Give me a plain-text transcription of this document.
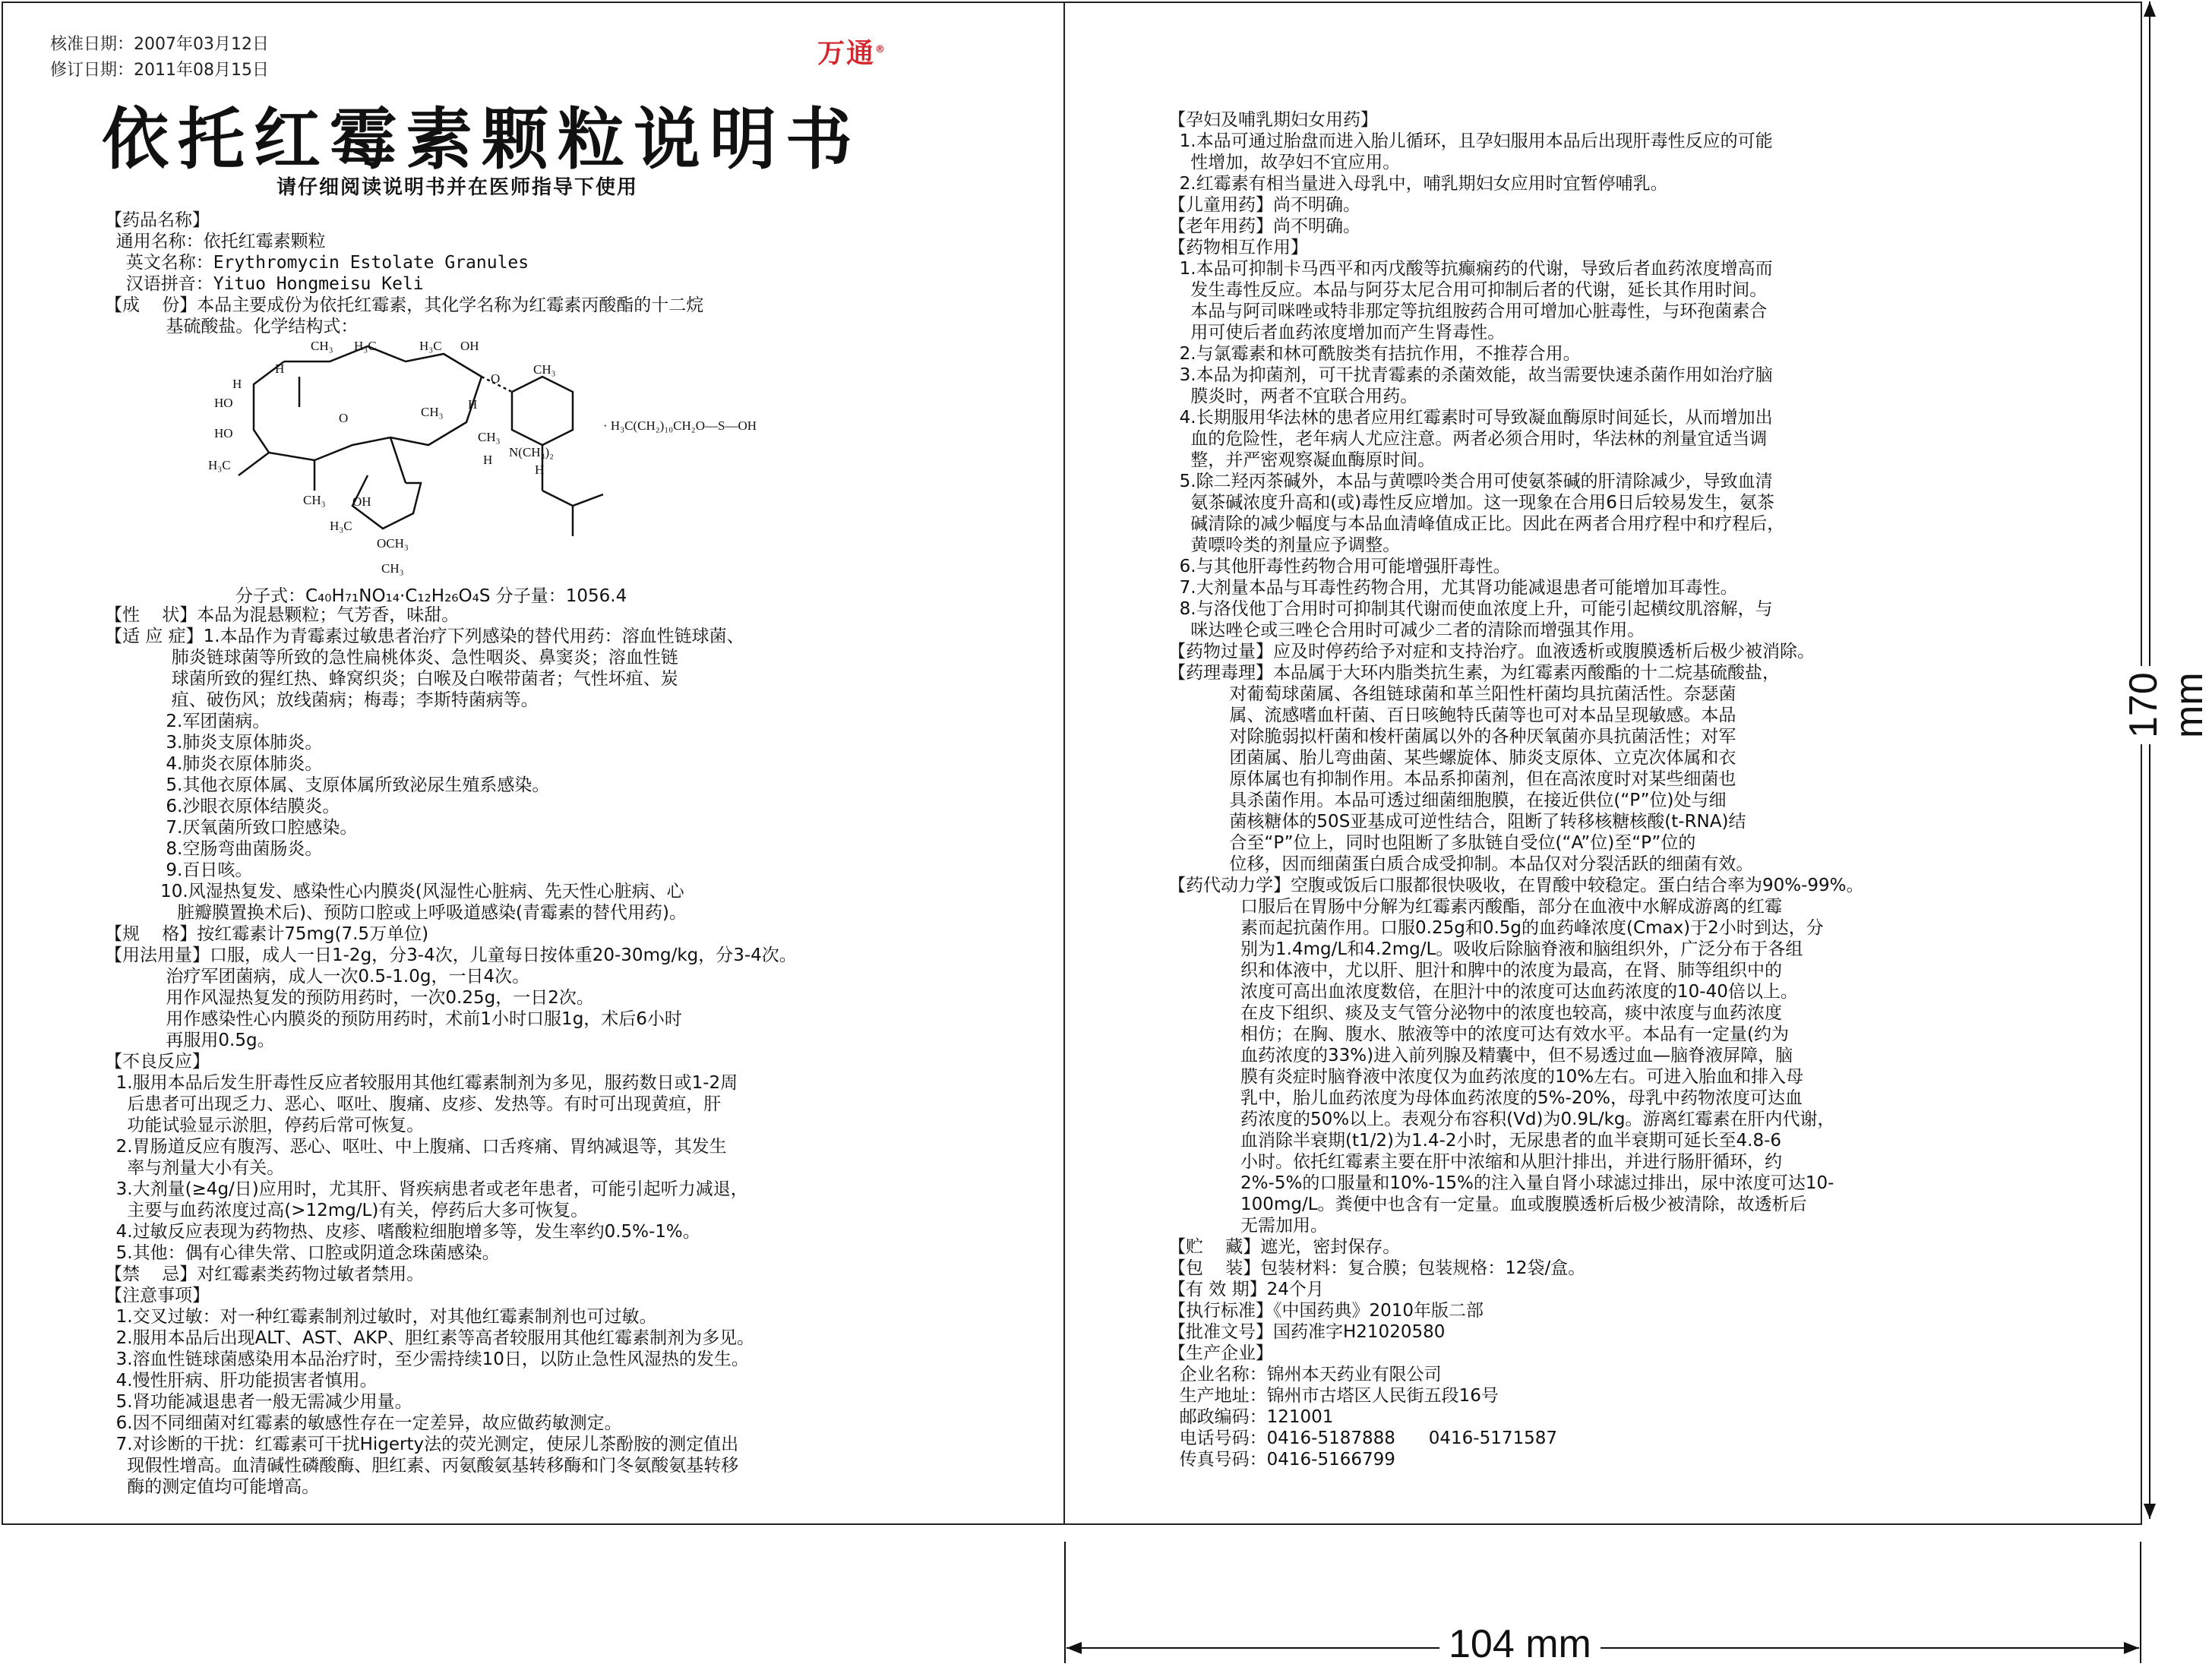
核准日期：2007年03月12日
修订日期：2011年08月15日
万通®
依托红霉素颗粒说明书
请仔细阅读说明书并在医师指导下使用
【药品名称】
通用名称：依托红霉素颗粒
英文名称：Erythromycin Estolate Granules
汉语拼音：Yituo Hongmeisu Keli
【成    份】本品主要成份为依托红霉素，其化学名称为红霉素丙酸酯的十二烷
基硫酸盐。化学结构式：
CH₃ H₃C	H₃C OH
H
H
HO
HO
H₃C
CH₃
H
CH₃
H
CH₃
N(CH₃)₂
H
OH
OCH₃
CH₃
H₃C
CH₃
· H₃C(CH₂)₁₀CH₂O—S—OH
O
O
分子式：C₄₀H₇₁NO₁₄·C₁₂H₂₆O₄S 分子量：1056.4
【性    状】本品为混悬颗粒；气芳香，味甜。
【适 应 症】1.本品作为青霉素过敏患者治疗下列感染的替代用药：溶血性链球菌、
肺炎链球菌等所致的急性扁桃体炎、急性咽炎、鼻窦炎；溶血性链
球菌所致的猩红热、蜂窝织炎；白喉及白喉带菌者；气性坏疽、炭
疽、破伤风；放线菌病；梅毒；李斯特菌病等。
2.军团菌病。
3.肺炎支原体肺炎。
4.肺炎衣原体肺炎。
5.其他衣原体属、支原体属所致泌尿生殖系感染。
6.沙眼衣原体结膜炎。
7.厌氧菌所致口腔感染。
8.空肠弯曲菌肠炎。
9.百日咳。
10.风湿热复发、感染性心内膜炎(风湿性心脏病、先天性心脏病、心
脏瓣膜置换术后)、预防口腔或上呼吸道感染(青霉素的替代用药)。
【规    格】按红霉素计75mg(7.5万单位)
【用法用量】口服，成人一日1-2g，分3-4次，儿童每日按体重20-30mg/kg，分3-4次。
治疗军团菌病，成人一次0.5-1.0g，一日4次。
用作风湿热复发的预防用药时，一次0.25g，一日2次。
用作感染性心内膜炎的预防用药时，术前1小时口服1g，术后6小时
再服用0.5g。
【不良反应】
1.服用本品后发生肝毒性反应者较服用其他红霉素制剂为多见，服药数日或1-2周
后患者可出现乏力、恶心、呕吐、腹痛、皮疹、发热等。有时可出现黄疸，肝
功能试验显示淤胆，停药后常可恢复。
2.胃肠道反应有腹泻、恶心、呕吐、中上腹痛、口舌疼痛、胃纳减退等，其发生
率与剂量大小有关。
3.大剂量(≥4g/日)应用时，尤其肝、肾疾病患者或老年患者，可能引起听力减退，
主要与血药浓度过高(>12mg/L)有关，停药后大多可恢复。
4.过敏反应表现为药物热、皮疹、嗜酸粒细胞增多等，发生率约0.5%-1%。
5.其他：偶有心律失常、口腔或阴道念珠菌感染。
【禁    忌】对红霉素类药物过敏者禁用。
【注意事项】
1.交叉过敏：对一种红霉素制剂过敏时，对其他红霉素制剂也可过敏。
2.服用本品后出现ALT、AST、AKP、胆红素等高者较服用其他红霉素制剂为多见。
3.溶血性链球菌感染用本品治疗时，至少需持续10日，以防止急性风湿热的发生。
4.慢性肝病、肝功能损害者慎用。
5.肾功能减退患者一般无需减少用量。
6.因不同细菌对红霉素的敏感性存在一定差异，故应做药敏测定。
7.对诊断的干扰：红霉素可干扰Higerty法的荧光测定，使尿儿茶酚胺的测定值出
现假性增高。血清碱性磷酸酶、胆红素、丙氨酸氨基转移酶和门冬氨酸氨基转移
酶的测定值均可能增高。
【孕妇及哺乳期妇女用药】
1.本品可通过胎盘而进入胎儿循环，且孕妇服用本品后出现肝毒性反应的可能
性增加，故孕妇不宜应用。
2.红霉素有相当量进入母乳中，哺乳期妇女应用时宜暂停哺乳。
【儿童用药】尚不明确。
【老年用药】尚不明确。
【药物相互作用】
1.本品可抑制卡马西平和丙戊酸等抗癫痫药的代谢，导致后者血药浓度增高而
发生毒性反应。本品与阿芬太尼合用可抑制后者的代谢，延长其作用时间。
本品与阿司咪唑或特非那定等抗组胺药合用可增加心脏毒性，与环孢菌素合
用可使后者血药浓度增加而产生肾毒性。
2.与氯霉素和林可酰胺类有拮抗作用，不推荐合用。
3.本品为抑菌剂，可干扰青霉素的杀菌效能，故当需要快速杀菌作用如治疗脑
膜炎时，两者不宜联合用药。
4.长期服用华法林的患者应用红霉素时可导致凝血酶原时间延长，从而增加出
血的危险性，老年病人尤应注意。两者必须合用时，华法林的剂量宜适当调
整，并严密观察凝血酶原时间。
5.除二羟丙茶碱外，本品与黄嘌呤类合用可使氨茶碱的肝清除减少，导致血清
氨茶碱浓度升高和(或)毒性反应增加。这一现象在合用6日后较易发生，氨茶
碱清除的减少幅度与本品血清峰值成正比。因此在两者合用疗程中和疗程后，
黄嘌呤类的剂量应予调整。
6.与其他肝毒性药物合用可能增强肝毒性。
7.大剂量本品与耳毒性药物合用，尤其肾功能减退患者可能增加耳毒性。
8.与洛伐他丁合用时可抑制其代谢而使血浓度上升，可能引起横纹肌溶解，与
咪达唑仑或三唑仑合用时可减少二者的清除而增强其作用。
【药物过量】应及时停药给予对症和支持治疗。血液透析或腹膜透析后极少被消除。
【药理毒理】本品属于大环内脂类抗生素，为红霉素丙酸酯的十二烷基硫酸盐，
对葡萄球菌属、各组链球菌和革兰阳性杆菌均具抗菌活性。奈瑟菌
属、流感嗜血杆菌、百日咳鲍特氏菌等也可对本品呈现敏感。本品
对除脆弱拟杆菌和梭杆菌属以外的各种厌氧菌亦具抗菌活性；对军
团菌属、胎儿弯曲菌、某些螺旋体、肺炎支原体、立克次体属和衣
原体属也有抑制作用。本品系抑菌剂，但在高浓度时对某些细菌也
具杀菌作用。本品可透过细菌细胞膜，在接近供位(“P”位)处与细
菌核糖体的50S亚基成可逆性结合，阻断了转移核糖核酸(t-RNA)结
合至“P”位上，同时也阻断了多肽链自受位(“A”位)至“P”位的
位移，因而细菌蛋白质合成受抑制。本品仅对分裂活跃的细菌有效。
【药代动力学】空腹或饭后口服都很快吸收，在胃酸中较稳定。蛋白结合率为90%-99%。
口服后在胃肠中分解为红霉素丙酸酯，部分在血液中水解成游离的红霉
素而起抗菌作用。口服0.25g和0.5g的血药峰浓度(Cmax)于2小时到达，分
别为1.4mg/L和4.2mg/L。吸收后除脑脊液和脑组织外，广泛分布于各组
织和体液中，尤以肝、胆汁和脾中的浓度为最高，在肾、肺等组织中的
浓度可高出血浓度数倍，在胆汁中的浓度可达血药浓度的10-40倍以上。
在皮下组织、痰及支气管分泌物中的浓度也较高，痰中浓度与血药浓度
相仿；在胸、腹水、脓液等中的浓度可达有效水平。本品有一定量(约为
血药浓度的33%)进入前列腺及精囊中，但不易透过血—脑脊液屏障，脑
膜有炎症时脑脊液中浓度仅为血药浓度的10%左右。可进入胎血和排入母
乳中，胎儿血药浓度为母体血药浓度的5%-20%，母乳中药物浓度可达血
药浓度的50%以上。表观分布容积(Vd)为0.9L/kg。游离红霉素在肝内代谢，
血消除半衰期(t1/2)为1.4-2小时，无尿患者的血半衰期可延长至4.8-6
小时。依托红霉素主要在肝中浓缩和从胆汁排出，并进行肠肝循环，约
2%-5%的口服量和10%-15%的注入量自肾小球滤过排出，尿中浓度可达10-
100mg/L。粪便中也含有一定量。血或腹膜透析后极少被清除，故透析后
无需加用。
【贮    藏】遮光，密封保存。
【包    装】包装材料：复合膜；包装规格：12袋/盒。
【有 效 期】24个月
【执行标准】《中国药典》2010年版二部
【批准文号】国药准字H21020580
【生产企业】
企业名称：锦州本天药业有限公司
生产地址：锦州市古塔区人民街五段16号
邮政编码：121001
电话号码：0416-5187888      0416-5171587
传真号码：0416-5166799
170 mm
104 mm
